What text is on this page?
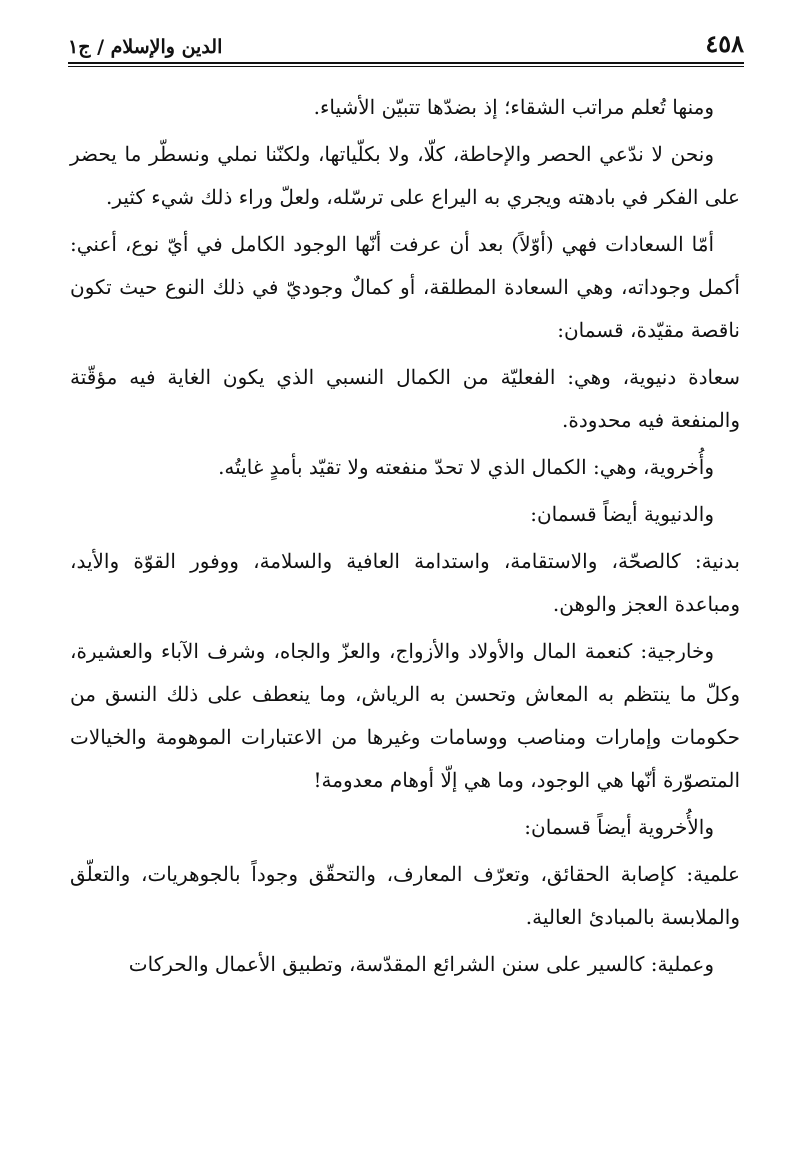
٤٥٨
الدين والإسلام / ج١

ومنها تُعلم مراتب الشقاء؛ إذ بضدّها تتبيّن الأشياء.

ونحن لا ندّعي الحصر والإحاطة، كلّا، ولا بكلّياتها، ولكنّنا نملي ونسطّر ما يحضر على الفكر في بادهته ويجري به اليراع على ترسّله، ولعلّ وراء ذلك شيء كثير.

أمّا السعادات فهي (أوّلاً) بعد أن عرفت أنّها الوجود الكامل في أيّ نوع، أعني: أكمل وجوداته، وهي السعادة المطلقة، أو كمالٌ وجوديّ في ذلك النوع حيث تكون ناقصة مقيّدة، قسمان:

سعادة دنيوية، وهي: الفعليّة من الكمال النسبي الذي يكون الغاية فيه مؤقّتة والمنفعة فيه محدودة.

وأُخروية، وهي: الكمال الذي لا تحدّ منفعته ولا تقيّد بأمدٍ غايتُه.

والدنيوية أيضاً قسمان:

بدنية: كالصحّة، والاستقامة، واستدامة العافية والسلامة، ووفور القوّة والأيد، ومباعدة العجز والوهن.

وخارجية: كنعمة المال والأولاد والأزواج، والعزّ والجاه، وشرف الآباء والعشيرة، وكلّ ما ينتظم به المعاش وتحسن به الرياش، وما ينعطف على ذلك النسق من حكومات وإمارات ومناصب ووسامات وغيرها من الاعتبارات الموهومة والخيالات المتصوّرة أنّها هي الوجود، وما هي إلّا أوهام معدومة!

والأُخروية أيضاً قسمان:

علمية: كإصابة الحقائق، وتعرّف المعارف، والتحقّق وجوداً بالجوهريات، والتعلّق والملابسة بالمبادئ العالية.

وعملية: كالسير على سنن الشرائع المقدّسة، وتطبيق الأعمال والحركات
